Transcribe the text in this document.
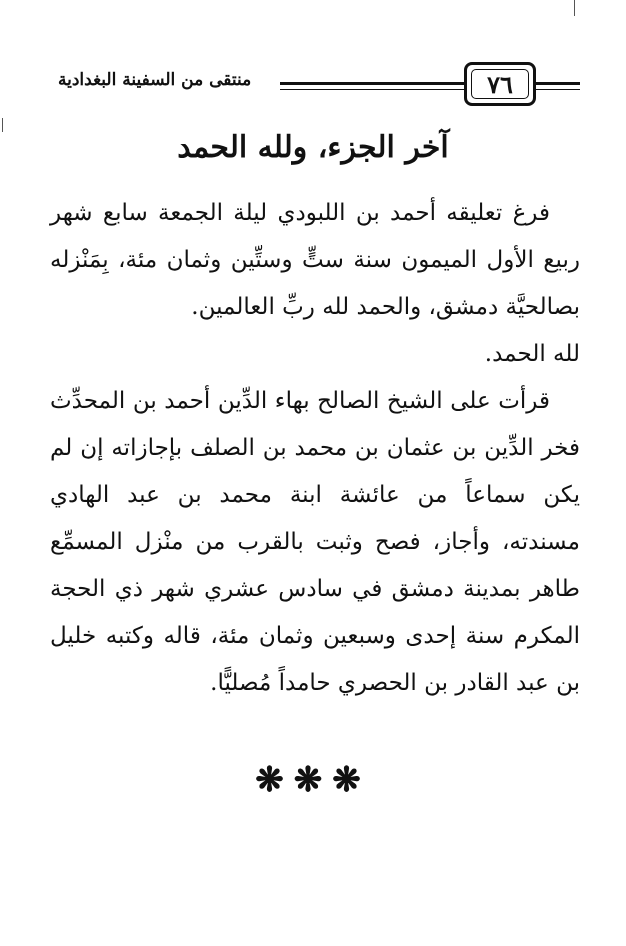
منتقى من السفينة البغدادية	٧٦
آخر الجزء، ولله الحمد

فرغ تعليقه أحمد بن اللبودي ليلة الجمعة سابع شهر ربيع الأول الميمون سنة ستٍّ وستِّين وثمان مئة، بِمَنْزله بصالحيَّة دمشق، والحمد لله ربِّ العالمين.

لله الحمد.

قرأت على الشيخ الصالح بهاء الدِّين أحمد بن المحدِّث فخر الدِّين بن عثمان بن محمد بن الصلف بإجازاته إن لم يكن سماعاً من عائشة ابنة محمد بن عبد الهادي مسندته، وأجاز، فصح وثبت بالقرب من منْزل المسمِّع طاهر بمدينة دمشق في سادس عشري شهر ذي الحجة المكرم سنة إحدى وسبعين وثمان مئة، قاله وكتبه خليل بن عبد القادر بن الحصري حامداً مُصليًّا.

❋❋❋
